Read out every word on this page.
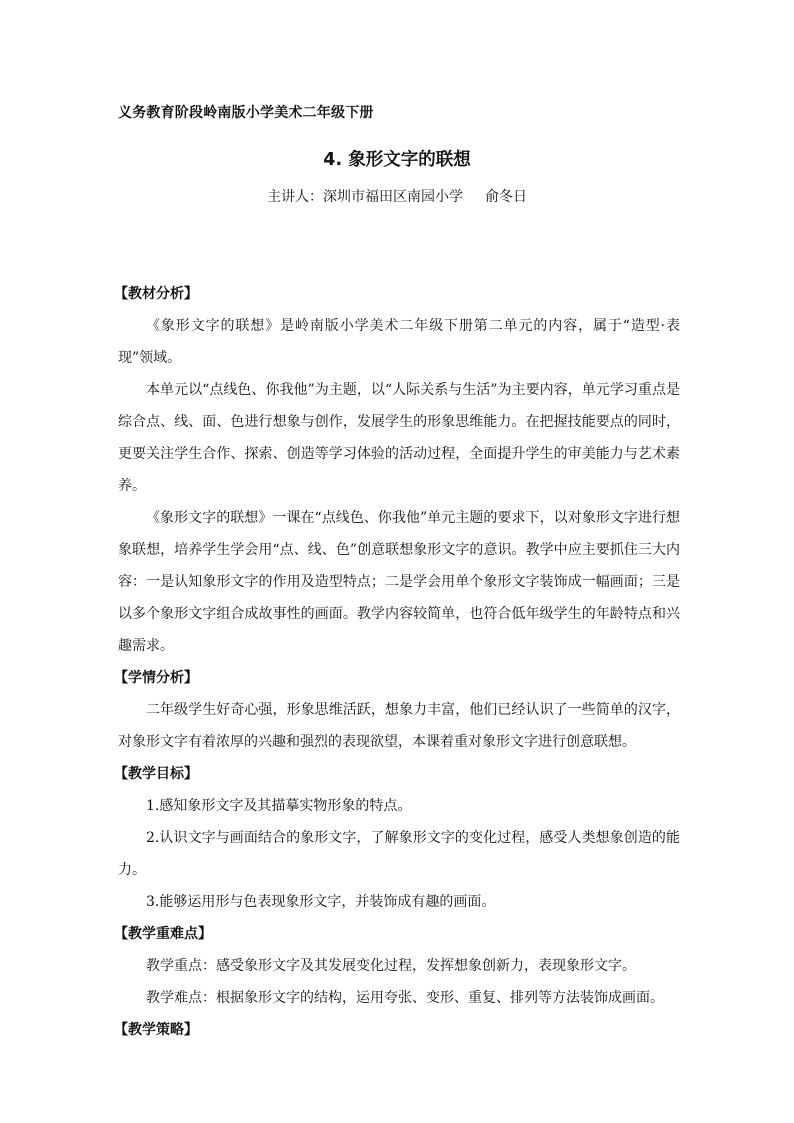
义务教育阶段岭南版小学美术二年级下册
4. 象形文字的联想
主讲人：深圳市福田区南园小学 俞冬日
【教材分析】

《象形文字的联想》是岭南版小学美术二年级下册第二单元的内容，属于“造型·表现”领域。

本单元以“点线色、你我他”为主题，以“人际关系与生活”为主要内容，单元学习重点是综合点、线、面、色进行想象与创作，发展学生的形象思维能力。在把握技能要点的同时，更要关注学生合作、探索、创造等学习体验的活动过程，全面提升学生的审美能力与艺术素养。

《象形文字的联想》一课在“点线色、你我他”单元主题的要求下，以对象形文字进行想象联想，培养学生学会用“点、线、色”创意联想象形文字的意识。教学中应主要抓住三大内容：一是认知象形文字的作用及造型特点；二是学会用单个象形文字装饰成一幅画面；三是以多个象形文字组合成故事性的画面。教学内容较简单，也符合低年级学生的年龄特点和兴趣需求。

【学情分析】

二年级学生好奇心强，形象思维活跃，想象力丰富，他们已经认识了一些简单的汉字，对象形文字有着浓厚的兴趣和强烈的表现欲望，本课着重对象形文字进行创意联想。

【教学目标】

1.感知象形文字及其描摹实物形象的特点。

2.认识文字与画面结合的象形文字，了解象形文字的变化过程，感受人类想象创造的能力。

3.能够运用形与色表现象形文字，并装饰成有趣的画面。

【教学重难点】

教学重点：感受象形文字及其发展变化过程，发挥想象创新力，表现象形文字。

教学难点：根据象形文字的结构，运用夸张、变形、重复、排列等方法装饰成画面。

【教学策略】
